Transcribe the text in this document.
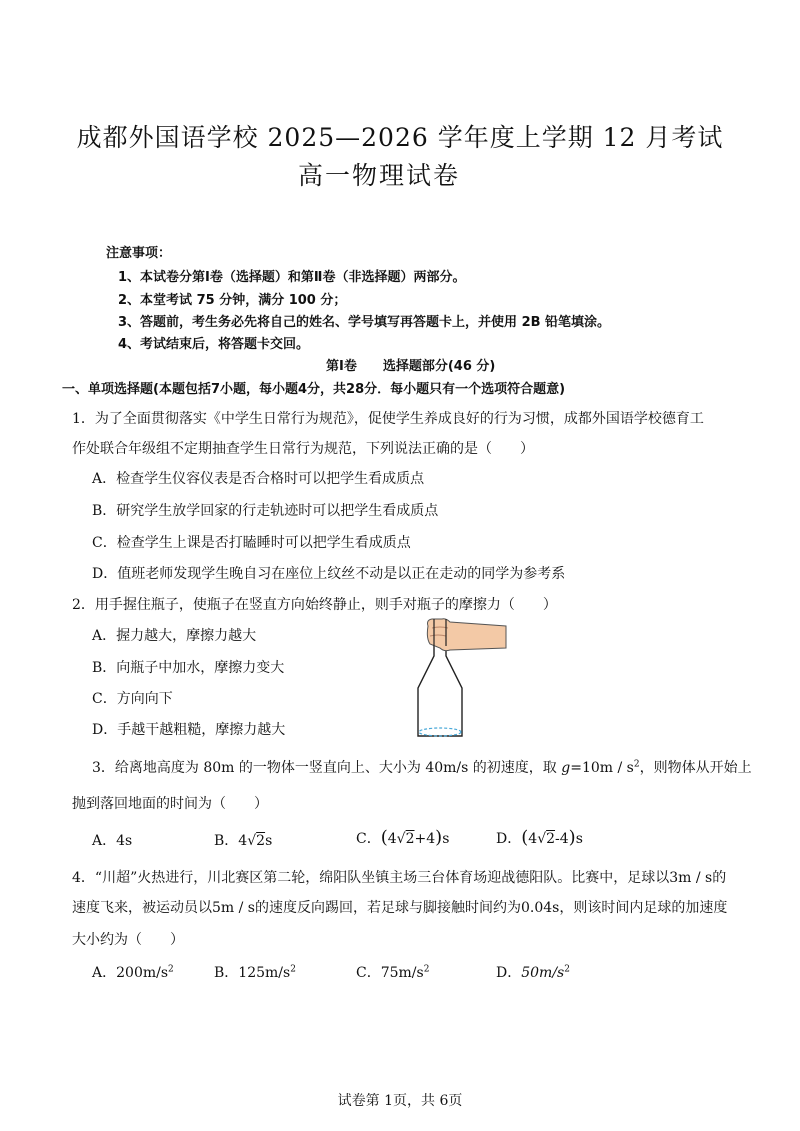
成都外国语学校 2025—2026 学年度上学期 12 月考试
高一物理试卷
注意事项：
1、本试卷分第Ⅰ卷（选择题）和第Ⅱ卷（非选择题）两部分。
2、本堂考试 75 分钟，满分 100 分；
3、答题前，考生务必先将自己的姓名、学号填写再答题卡上，并使用 2B 铅笔填涂。
4、考试结束后，将答题卡交回。
第Ⅰ卷　　选择题部分(46 分)
一、单项选择题(本题包括7小题，每小题4分，共28分．每小题只有一个选项符合题意)
1．为了全面贯彻落实《中学生日常行为规范》，促使学生养成良好的行为习惯，成都外国语学校德育工
作处联合年级组不定期抽查学生日常行为规范，下列说法正确的是（　　）
A．检查学生仪容仪表是否合格时可以把学生看成质点
B．研究学生放学回家的行走轨迹时可以把学生看成质点
C．检查学生上课是否打瞌睡时可以把学生看成质点
D．值班老师发现学生晚自习在座位上纹丝不动是以正在走动的同学为参考系
2．用手握住瓶子，使瓶子在竖直方向始终静止，则手对瓶子的摩擦力（　　）
A．握力越大，摩擦力越大
B．向瓶子中加水，摩擦力变大
C．方向向下
D．手越干越粗糙，摩擦力越大
3．给离地高度为 80m 的一物体一竖直向上、大小为 40m/s 的初速度，取 $g=10m / s^2$，则物体从开始上
抛到落回地面的时间为（　　）
A．4s	B．4√2s	C．(4√2+4)s	D．(4√2-4)s
4．“川超”火热进行，川北赛区第二轮，绵阳队坐镇主场三台体育场迎战德阳队。比赛中，足球以3m / s的
速度飞来，被运动员以5m / s的速度反向踢回，若足球与脚接触时间约为0.04s，则该时间内足球的加速度
大小约为（　　）
A．$200m/s^2$	B．$125m/s^2$	C．$75m/s^2$	D．$50m/s^2$
试卷第 1页，共 6页
